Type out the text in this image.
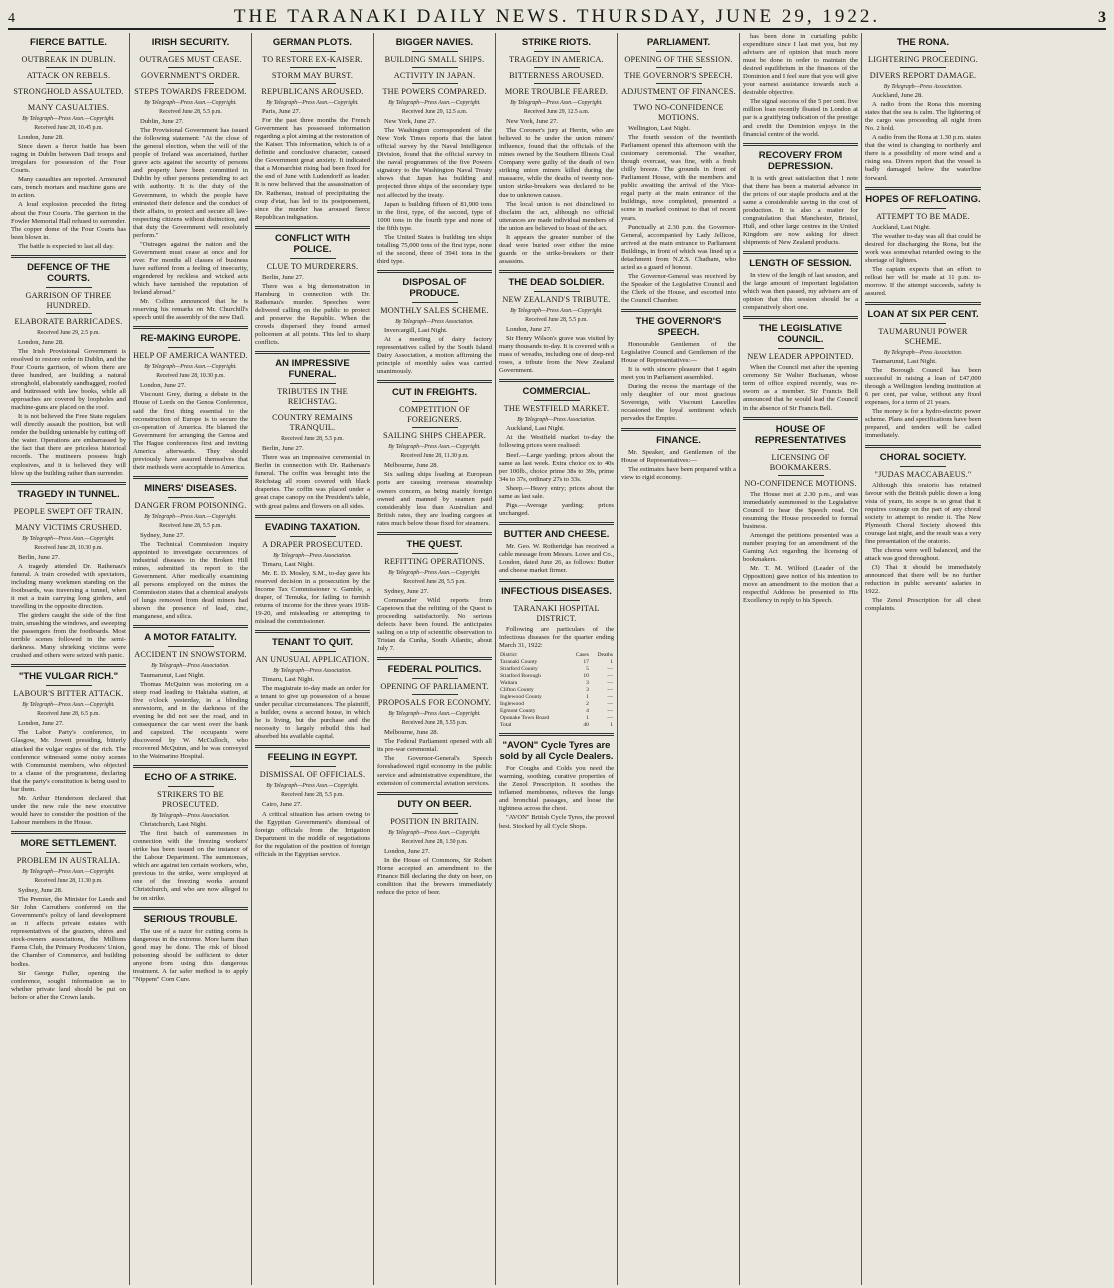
4	THE TARANAKI DAILY NEWS. THURSDAY, JUNE 29, 1922.	3
FIERCE BATTLE.
OUTBREAK IN DUBLIN.
ATTACK ON REBELS.
STRONGHOLD ASSAULTED.
MANY CASUALTIES.
By Telegraph—Press Assn.—Copyright.
Received June 28, 10.45 p.m.

London, June 28.

Since dawn a fierce battle has been raging in Dublin between Dail troops and irregulars for possession of the Four Courts.

Many casualties are reported. Armoured cars, trench mortars and machine guns are in action.

A loud explosion preceded the firing about the Four Courts. The garrison in the Fowler Memorial Hall refused to surrender. The copper dome of the Four Courts has been blown in.

The battle is expected to last all day.

DEFENCE OF THE COURTS.
GARRISON OF THREE HUNDRED.
ELABORATE BARRICADES.
Received June 29, 2.5 p.m.

London, June 28.

The Irish Provisional Government is resolved to restore order in Dublin, and the Four Courts garrison, of whom there are three hundred, are building a natural stronghold, elaborately sandbagged, roofed and buttressed with law books, while all approaches are covered by loopholes and machine-guns are placed on the roof.

It is not believed the Free State regulars will directly assault the position, but will render the building untenable by cutting off the water. Operations are embarrassed by the fact that there are priceless historical records. The mutineers possess high explosives, and it is believed they will blow up the building rather than surrender.

TRAGEDY IN TUNNEL.
PEOPLE SWEPT OFF TRAIN.
MANY VICTIMS CRUSHED.
By Telegraph—Press Assn.—Copyright.
Received June 28, 10.30 p.m.

Berlin, June 27.

A tragedy attended Dr. Rathenau's funeral. A train crowded with spectators, including many workmen standing on the footboards, was traversing a tunnel, when it met a train carrying long girders, and travelling in the opposite direction.

The girders caught the side of the first train, smashing the windows, and sweeping the passengers from the footboards. Most terrible scenes followed in the semi-darkness. Many shrieking victims were crushed and others were seized with panic.

"THE VULGAR RICH."
LABOUR'S BITTER ATTACK.
By Telegraph—Press Assn.—Copyright.
Received June 28, 6.5 p.m.

London, June 27.

The Labor Party's conference, in Glasgow, Mr. Jowett presiding, bitterly attacked the vulgar orgies of the rich. The conference witnessed some noisy scenes with Communist members, who objected to a clause of the programme, declaring that the party's constitution is being used to bar them.

Mr. Arthur Henderson declared that under the new rule the new executive would have to consider the position of the Labour members in the House.

MORE SETTLEMENT.
PROBLEM IN AUSTRALIA.
By Telegraph—Press Assn.—Copyright.
Received June 28, 11.30 p.m.

Sydney, June 28.

The Premier, the Minister for Lands and Sir John Carruthers conferred on the Government's policy of land development as it affects private estates with representatives of the graziers, shires and stock-owners associations, the Millions Farms Club, the Primary Producers' Union, the Chamber of Commerce, and building bodies.

Sir George Fuller, opening the conference, sought information as to whether private land should be put on before or after the Crown lands.

IRISH SECURITY.
OUTRAGES MUST CEASE.
GOVERNMENT'S ORDER.
STEPS TOWARDS FREEDOM.
By Telegraph—Press Assn.—Copyright.
Received June 28, 5.5 p.m.

Dublin, June 27.

The Provisional Government has issued the following statement: "At the close of the general election, when the will of the people of Ireland was ascertained, further grave acts against the security of persons and property have been committed in Dublin by other persons pretending to act with authority. It is the duty of the Government, to which the people have entrusted their defence and the conduct of their affairs, to protect and secure all law-respecting citizens without distinction, and that duty the Government will resolutely perform."

"Outrages against the nation and the Government must cease at once and for ever. For months all classes of business have suffered from a feeling of insecurity, engendered by reckless and wicked acts which have tarnished the reputation of Ireland abroad."

Mr. Collins announced that he is reserving his remarks on Mr. Churchill's speech until the assembly of the new Dail.

RE-MAKING EUROPE.
HELP OF AMERICA WANTED.
By Telegraph—Press Assn.—Copyright.
Received June 28, 10.30 p.m.

London, June 27.

Viscount Grey, during a debate in the House of Lords on the Genoa Conference, said the first thing essential to the reconstruction of Europe is to secure the co-operation of America. He blamed the Government for arranging the Genoa and The Hague conferences first and inviting America afterwards. They should previously have assured themselves that their methods were acceptable to America.

MINERS' DISEASES.
DANGER FROM POISONING.
By Telegraph—Press Assn.—Copyright.
Received June 28, 5.5 p.m.

Sydney, June 27.

The Technical Commission inquiry appointed to investigate occurrences of industrial diseases in the Broken Hill mines, submitted its report to the Government. After medically examining all persons employed on the mines the Commission states that a chemical analysis of lungs removed from dead miners had shown the presence of lead, zinc, manganese, and silica.

A MOTOR FATALITY.
ACCIDENT IN SNOWSTORM.
By Telegraph—Press Association.

Taumarunui, Last Night.

Thomas McQuinn was motoring on a steep road leading to Hakiaha station, at five o'clock yesterday, in a blinding snowstorm, and in the darkness of the evening he did not see the road, and in consequence the car went over the bank and capsized. The occupants were discovered by W. McCulloch, who recovered McQuinn, and he was conveyed to the Waimarino Hospital.

ECHO OF A STRIKE.
STRIKERS TO BE PROSECUTED.
By Telegraph—Press Association.

Christchurch, Last Night.

The first batch of summonses in connection with the freezing workers' strike has been issued on the instance of the Labour Department. The summonses, which are against ten certain workers, who, previous to the strike, were employed at one of the freezing works around Christchurch, and who are now alleged to be on strike.

SERIOUS TROUBLE.

The use of a razor for cutting corns is dangerous in the extreme. More harm than good may be done. The risk of blood poisoning should be sufficient to deter anyone from using this dangerous treatment. A far safer method is to apply "Nippem" Corn Cure.

GERMAN PLOTS.
TO RESTORE EX-KAISER.
STORM MAY BURST.
REPUBLICANS AROUSED.
By Telegraph—Press Assn.—Copyright.

Paris, June 27.

For the past three months the French Government has possessed information regarding a plot aiming at the restoration of the Kaiser. This information, which is of a definite and conclusive character, caused the Government great anxiety. It indicated that a Monarchist rising had been fixed for the end of June with Ludendorff as leader. It is now believed that the assassination of Dr. Rathenau, instead of precipitating the coup d'etat, has led to its postponement, since the murder has aroused fierce Republican indignation.

CONFLICT WITH POLICE.
CLUE TO MURDERERS.

Berlin, June 27.

There was a big demonstration in Hamburg in connection with Dr. Rathenau's murder. Speeches were delivered calling on the public to protect and preserve the Republic. When the crowds dispersed they found armed policemen at all points. This led to sharp conflicts.

AN IMPRESSIVE FUNERAL.
TRIBUTES IN THE REICHSTAG.
COUNTRY REMAINS TRANQUIL.
Received June 28, 5.5 p.m.

Berlin, June 27.

There was an impressive ceremonial in Berlin in connection with Dr. Rathenau's funeral. The coffin was brought into the Reichstag all room covered with black draperies. The coffin was placed under a great crape canopy on the President's table, with great palms and flowers on all sides.

EVADING TAXATION.
A DRAPER PROSECUTED.
By Telegraph—Press Association.

Timaru, Last Night.

Mr. E. D. Mosley, S.M., to-day gave his reserved decision in a prosecution by the Income Tax Commissioner v. Gamble, a draper, of Temuka, for failing to furnish returns of income for the three years 1918-19-20, and misleading or attempting to mislead the commissioner.

TENANT TO QUIT.
AN UNUSUAL APPLICATION.
By Telegraph—Press Association.

Timaru, Last Night.

The magistrate to-day made an order for a tenant to give up possession of a house under peculiar circumstances. The plaintiff, a builder, owns a second house, in which he is living, but the purchase and the necessity to largely rebuild this had absorbed his available capital.

FEELING IN EGYPT.
DISMISSAL OF OFFICIALS.
By Telegraph—Press Assn.—Copyright.
Received June 28, 5.5 p.m.

Cairo, June 27.

A critical situation has arisen owing to the Egyptian Government's dismissal of foreign officials from the Irrigation Department in the middle of negotiations for the regulation of the position of foreign officials in the Egyptian service.

BIGGER NAVIES.
BUILDING SMALL SHIPS.
ACTIVITY IN JAPAN.
THE POWERS COMPARED.
By Telegraph—Press Assn.—Copyright.
Received June 29, 12.5 a.m.

New York, June 27.

The Washington correspondent of the New York Times reports that the latest official survey by the Naval Intelligence Division, found that the official survey in the naval programmes of the five Powers signatory to the Washington Naval Treaty shows that Japan has building and projected three ships of the secondary type not affected by the treaty.

Japan is building fifteen of 81,900 tons in the first, type, of the second, type of 1000 tons in the fourth type and none of the fifth type.

The United States is building ten ships totalling 75,000 tons of the first type, none of the second, three of 3941 tons in the third type.

DISPOSAL OF PRODUCE.
MONTHLY SALES SCHEME.
By Telegraph—Press Association.

Invercargill, Last Night.

At a meeting of dairy factory representatives called by the South Island Dairy Association, a motion affirming the principle of monthly sales was carried unanimously.

CUT IN FREIGHTS.
COMPETITION OF FOREIGNERS.
SAILING SHIPS CHEAPER.
By Telegraph—Press Assn.—Copyright.
Received June 28, 11.30 p.m.

Melbourne, June 28.

Six sailing ships loading at European ports are causing overseas steamship owners concern, as being mainly foreign owned and manned by seamen paid considerably less than Australian and British rates, they are loading cargoes at rates much below those fixed for steamers.

THE QUEST.
REFITTING OPERATIONS.
By Telegraph—Press Assn.—Copyright.
Received June 28, 5.5 p.m.

Sydney, June 27.

Commander Wild reports from Capetown that the refitting of the Quest is proceeding satisfactorily. No serious defects have been found. He anticipates sailing on a trip of scientific observation to Tristan da Cunha, South Atlantic, about July 7.

FEDERAL POLITICS.
OPENING OF PARLIAMENT.
PROPOSALS FOR ECONOMY.
By Telegraph—Press Assn.—Copyright.
Received June 28, 5.55 p.m.

Melbourne, June 28.

The Federal Parliament opened with all its pre-war ceremonial.

The Governor-General's Speech foreshadowed rigid economy in the public service and administrative expenditure, the extension of commercial aviation services.

DUTY ON BEER.
POSITION IN BRITAIN.
By Telegraph—Press Assn.—Copyright.
Received June 28, 1.50 p.m.

London, June 27.

In the House of Commons, Sir Robert Horne accepted an amendment to the Finance Bill declaring the duty on beer, on condition that the brewers immediately reduce the price of beer.

STRIKE RIOTS.
TRAGEDY IN AMERICA.
BITTERNESS AROUSED.
MORE TROUBLE FEARED.
By Telegraph—Press Assn.—Copyright.
Received June 29, 12.5 a.m.

New York, June 27.

The Coroner's jury at Herrin, who are believed to be under the union miners' influence, found that the officials of the mines owned by the Southern Illinois Coal Company were guilty of the death of two striking union miners killed during the massacre, while the deaths of twenty non-union strike-breakers was declared to be due to unknown causes.

The local union is not disinclined to disclaim the act, although no official utterances are made individual members of the union are believed to boast of the act.

It appears the greater number of the dead were buried over either the mine guards or the strike-breakers or their assassins.

THE DEAD SOLDIER.
NEW ZEALAND'S TRIBUTE.
By Telegraph—Press Assn.—Copyright.
Received June 28, 5.5 p.m.

London, June 27.

Sir Henry Wilson's grave was visited by many thousands to-day. It is covered with a mass of wreaths, including one of deep-red roses, a tribute from the New Zealand Government.

COMMERCIAL.
THE WESTFIELD MARKET.
By Telegraph—Press Association.

Auckland, Last Night.

At the Westfield market to-day the following prices were realised:

Beef.—Large yarding; prices about the same as last week. Extra choice ox to 40s per 100lb., choice prime 38s to 39s, prime 34s to 37s, ordinary 27s to 33s.

Sheep.—Heavy entry; prices about the same as last sale.

Pigs.—Average yarding; prices unchanged.

BUTTER AND CHEESE.

Mr. Geo. W. Rotheridge has received a cable message from Messrs. Lowe and Co., London, dated June 26, as follows: Butter and cheese market firmer.

INFECTIOUS DISEASES.
TARANAKI HOSPITAL DISTRICT.

Following are particulars of the infectious diseases for the quarter ending March 31, 1922:

District	Cases	Deaths
Taranaki County	17	1
Stratford County	5	—
Stratford Borough	10	—
Waitara	3	—
Clifton County	3	—
Inglewood County	1	—
Inglewood	2	—
Egmont County	4	—
Opunake Town Board	1	—
Total	40	1
"AVON" Cycle Tyres are sold by all Cycle Dealers.

For Coughs and Colds you need the warming, soothing, curative properties of the Zenol Prescription. It soothes the inflamed membranes, relieves the lungs and bronchial passages, and loose the tightness across the chest.

"AVON" British Cycle Tyres, the proved best. Stocked by all Cycle Shops.

PARLIAMENT.
OPENING OF THE SESSION.
THE GOVERNOR'S SPEECH.
ADJUSTMENT OF FINANCES.
TWO NO-CONFIDENCE MOTIONS.

Wellington, Last Night.

The fourth session of the twentieth Parliament opened this afternoon with the customary ceremonial. The weather, though overcast, was fine, with a fresh chilly breeze. The grounds in front of Parliament House, with the members and public awaiting the arrival of the Vice-regal party at the main entrance of the buildings, now completed, presented a scene in marked contrast to that of recent years.

Punctually at 2.30 p.m. the Governor-General, accompanied by Lady Jellicoe, arrived at the main entrance to Parliament Buildings, in front of which was lined up a detachment from N.Z.S. Chatham, who acted as a guard of honour.

The Governor-General was received by the Speaker of the Legislative Council and the Clerk of the House, and escorted into the Council Chamber.

THE GOVERNOR'S SPEECH.

Honourable Gentlemen of the Legislative Council and Gentlemen of the House of Representatives:—

It is with sincere pleasure that I again meet you in Parliament assembled.

During the recess the marriage of the only daughter of our most gracious Sovereign, with Viscount Lascelles occasioned the loyal sentiment which pervades the Empire.

FINANCE.

Mr. Speaker, and Gentlemen of the House of Representatives:—

The estimates have been prepared with a view to rigid economy.

has been done in curtailing public expenditure since I last met you, but my advisers are of opinion that much more must be done in order to maintain the desired equilibrium in the finances of the Dominion and I feel sure that you will give your earnest assistance towards such a desirable objective.

The signal success of the 5 per cent. five million loan recently floated in London at par is a gratifying indication of the prestige and credit the Dominion enjoys in the financial centre of the world.

RECOVERY FROM DEPRESSION.

It is with great satisfaction that I note that there has been a material advance in the prices of our staple products and at the same a considerable saving in the cost of production. It is also a matter for congratulation that Manchester, Bristol, Hull, and other large centres in the United Kingdom are now asking for direct shipments of New Zealand products.

LENGTH OF SESSION.

In view of the length of last session, and the large amount of important legislation which was then passed, my advisers are of opinion that this session should be a comparatively short one.

THE LEGISLATIVE COUNCIL.
NEW LEADER APPOINTED.

When the Council met after the opening ceremony Sir Walter Buchanan, whose term of office expired recently, was re-sworn as a member. Sir Francis Bell announced that he would lead the Council in the absence of Sir Francis Bell.

HOUSE OF REPRESENTATIVES
LICENSING OF BOOKMAKERS.
NO-CONFIDENCE MOTIONS.

The House met at 2.30 p.m., and was immediately summoned to the Legislative Council to hear the Speech read. On resuming the House proceeded to formal business.

Amongst the petitions presented was a number praying for an amendment of the Gaming Act regarding the licensing of bookmakers.

Mr. T. M. Wilford (Leader of the Opposition) gave notice of his intention to move an amendment to the motion that a respectful Address be presented to His Excellency in reply to his Speech.

THE RONA.
LIGHTERING PROCEEDING.
DIVERS REPORT DAMAGE.
By Telegraph—Press Association.

Auckland, June 28.

A radio from the Rona this morning states that the sea is calm. The lightering of the cargo was proceeding all night from No. 2 hold.

A radio from the Rona at 1.30 p.m. states that the wind is changing to northerly and there is a possibility of more wind and a rising sea. Divers report that the vessel is badly damaged below the waterline forward.

HOPES OF REFLOATING.
ATTEMPT TO BE MADE.

Auckland, Last Night.

The weather to-day was all that could be desired for discharging the Rona, but the work was somewhat retarded owing to the shortage of lighters.

The captain expects that an effort to refloat her will be made at 11 p.m. to-morrow. If the attempt succeeds, safety is assured.

LOAN AT SIX PER CENT.
TAUMARUNUI POWER SCHEME.
By Telegraph—Press Association.

Taumarunui, Last Night.

The Borough Council has been successful in raising a loan of £47,000 through a Wellington lending institution at 6 per cent, par value, without any fixed expenses, for a term of 21 years.

The money is for a hydro-electric power scheme. Plans and specifications have been prepared, and tenders will be called immediately.

CHORAL SOCIETY.
"JUDAS MACCABAEUS."

Although this oratorio has retained favour with the British public down a long vista of years, its scope is so great that it requires courage on the part of any choral society to attempt to render it. The New Plymouth Choral Society showed this courage last night, and the result was a very fine presentation of the oratorio.

The chorus were well balanced, and the attack was good throughout.

(3) That it should be immediately announced that there will be no further reduction in public servants' salaries in 1922.

The Zenol Prescription for all chest complaints.
